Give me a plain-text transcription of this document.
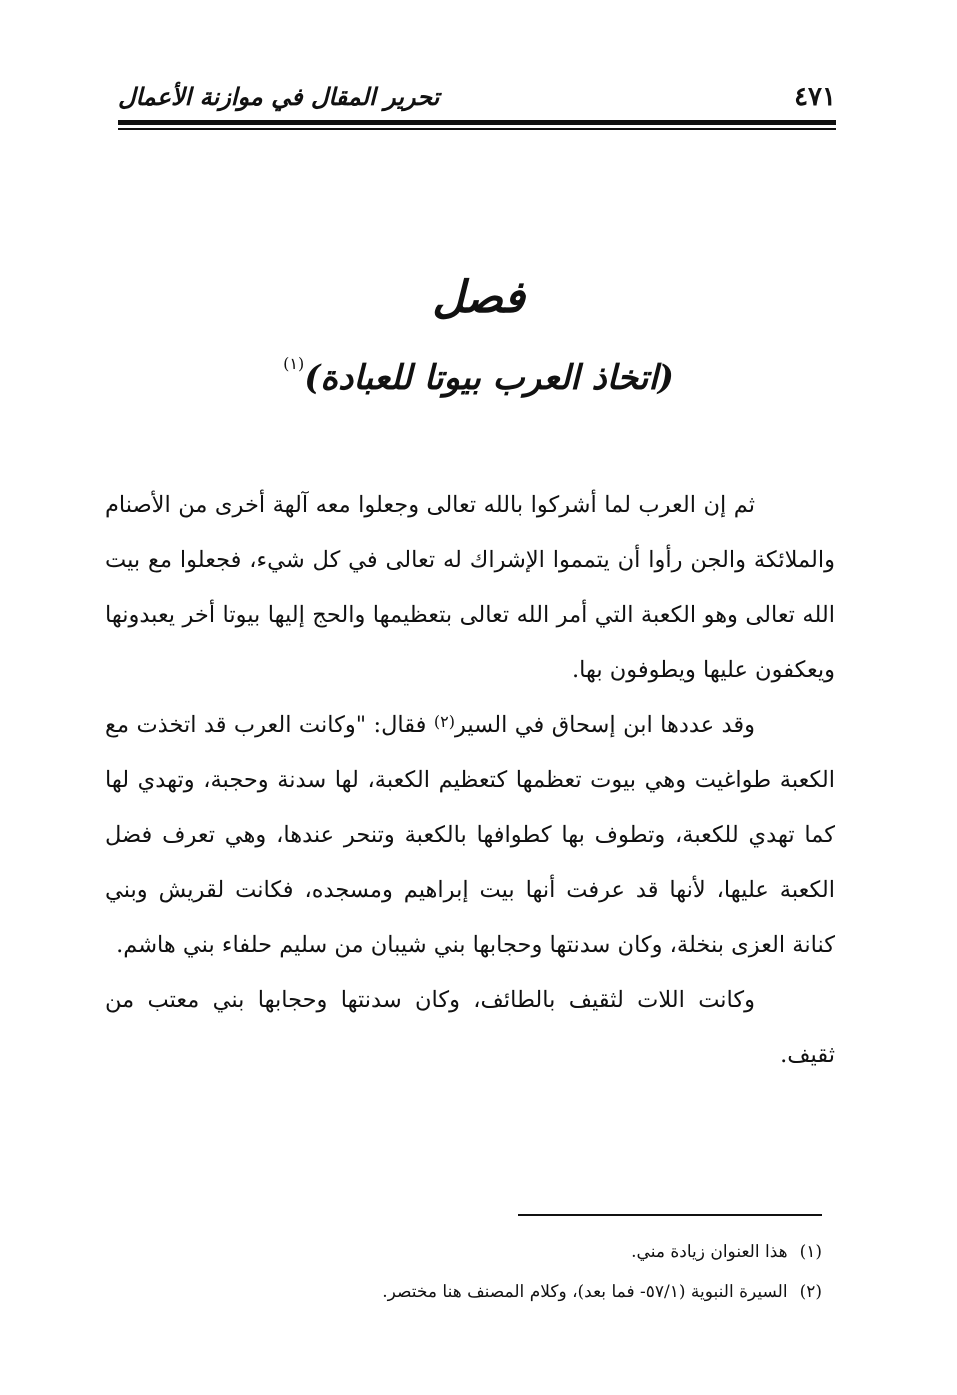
٤٧١
تحرير المقال في موازنة الأعمال
فصل
(اتخاذ العرب بيوتا للعبادة)$^{(١)}$

ثم إن العرب لما أشركوا بالله تعالى وجعلوا معه آلهة أخرى من الأصنام والملائكة والجن رأوا أن يتمموا الإشراك له تعالى في كل شيء، فجعلوا مع بيت الله تعالى وهو الكعبة التي أمر الله تعالى بتعظيمها والحج إليها بيوتا أخر يعبدونها ويعكفون عليها ويطوفون بها.

وقد عددها ابن إسحاق في السير$^{(٢)}$ فقال: "وكانت العرب قد اتخذت مع الكعبة طواغيت وهي بيوت تعظمها كتعظيم الكعبة، لها سدنة وحجبة، وتهدي لها كما تهدي للكعبة، وتطوف بها كطوافها بالكعبة وتنحر عندها، وهي تعرف فضل الكعبة عليها، لأنها قد عرفت أنها بيت إبراهيم ومسجده، فكانت لقريش وبني كنانة العزى بنخلة، وكان سدنتها وحجابها بني شيبان من سليم حلفاء بني هاشم.

وكانت اللات لثقيف بالطائف، وكان سدنتها وحجابها بني معتب من ثقيف.

(١)هذا العنوان زيادة مني.

(٢)السيرة النبوية (٥٧/١- فما بعد)، وكلام المصنف هنا مختصر.
